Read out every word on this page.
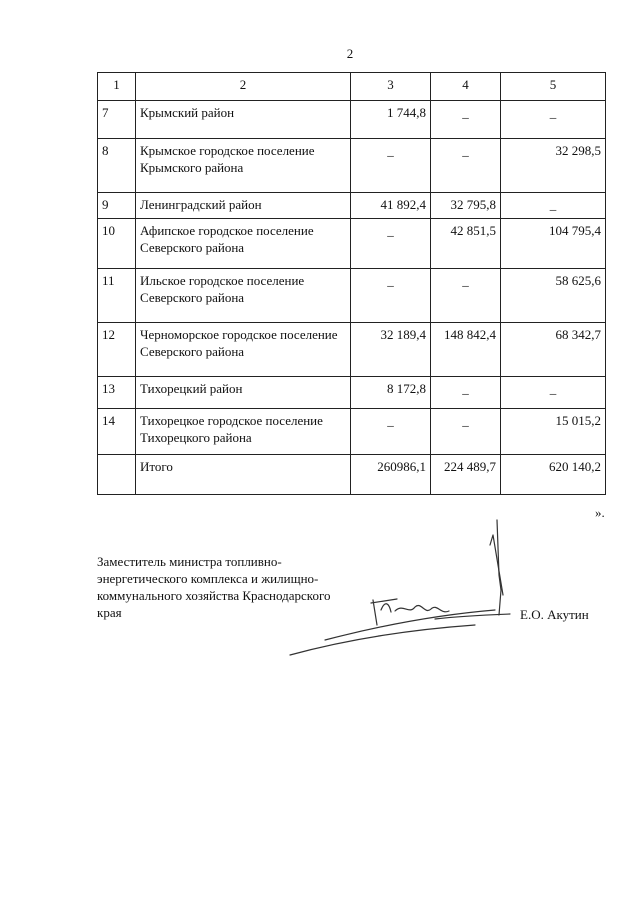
2
1	2	3	4	5
7	Крымский район	1 744,8	_	_
8	Крымское городское поселение Крымского района	_	_	32 298,5
9	Ленинградский район	41 892,4	32 795,8	_
10	Афипское городское поселение Северского района	_	42 851,5	104 795,4
11	Ильское городское поселение Северского района	_	_	58 625,6
12	Черноморское городское поселение Северского района	32 189,4	148 842,4	68 342,7
13	Тихорецкий район	8 172,8	_	_
14	Тихорецкое городское поселение Тихорецкого района	_	_	15 015,2
	Итого	260986,1	224 489,7	620 140,2
».
Заместитель министра топливно-энергетического комплекса и жилищно-коммунального хозяйства Краснодарского края	Е.О. Акутин
